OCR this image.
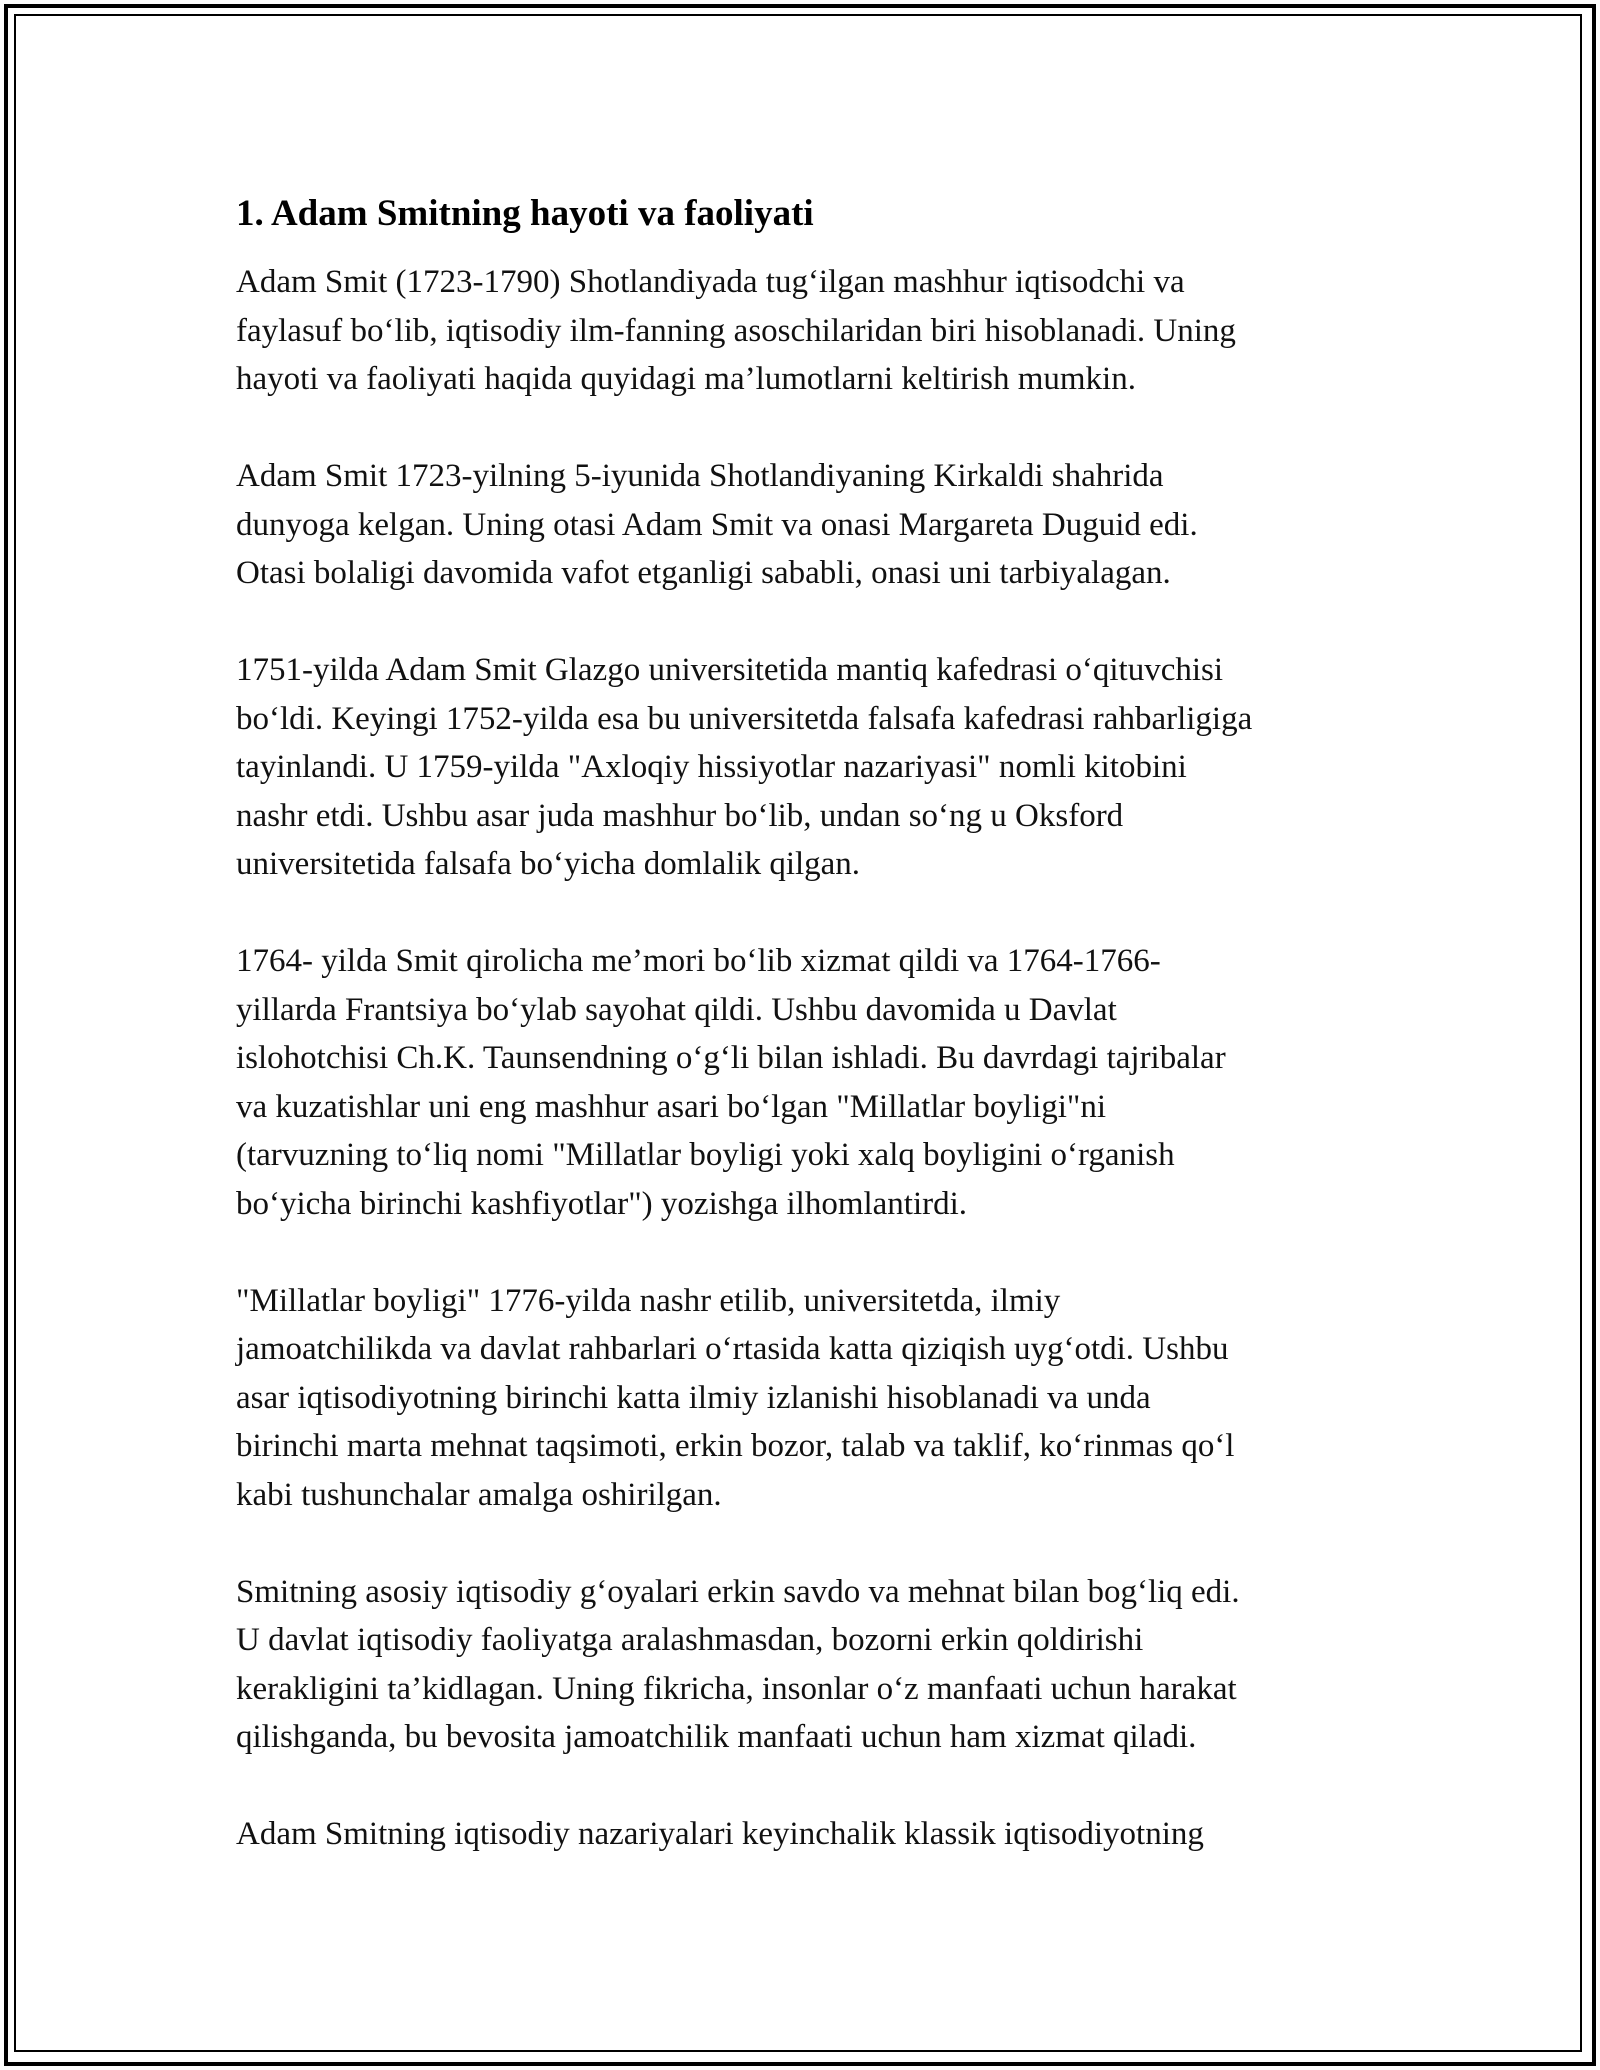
1. Adam Smitning hayoti va faoliyati

Adam Smit (1723-1790) Shotlandiyada tug‘ilgan mashhur iqtisodchi va
faylasuf bo‘lib, iqtisodiy ilm-fanning asoschilaridan biri hisoblanadi. Uning
hayoti va faoliyati haqida quyidagi ma’lumotlarni keltirish mumkin.

Adam Smit 1723-yilning 5-iyunida Shotlandiyaning Kirkaldi shahrida
dunyoga kelgan. Uning otasi Adam Smit va onasi Margareta Duguid edi.
Otasi bolaligi davomida vafot etganligi sababli, onasi uni tarbiyalagan.

1751-yilda Adam Smit Glazgo universitetida mantiq kafedrasi o‘qituvchisi
bo‘ldi. Keyingi 1752-yilda esa bu universitetda falsafa kafedrasi rahbarligiga
tayinlandi. U 1759-yilda "Axloqiy hissiyotlar nazariyasi" nomli kitobini
nashr etdi. Ushbu asar juda mashhur bo‘lib, undan so‘ng u Oksford
universitetida falsafa bo‘yicha domlalik qilgan.

1764- yilda Smit qirolicha me’mori bo‘lib xizmat qildi va 1764-1766-
yillarda Frantsiya bo‘ylab sayohat qildi. Ushbu davomida u Davlat
islohotchisi Ch.K. Taunsendning o‘g‘li bilan ishladi. Bu davrdagi tajribalar
va kuzatishlar uni eng mashhur asari bo‘lgan "Millatlar boyligi"ni
(tarvuzning to‘liq nomi "Millatlar boyligi yoki xalq boyligini o‘rganish
bo‘yicha birinchi kashfiyotlar") yozishga ilhomlantirdi.

"Millatlar boyligi" 1776-yilda nashr etilib, universitetda, ilmiy
jamoatchilikda va davlat rahbarlari o‘rtasida katta qiziqish uyg‘otdi. Ushbu
asar iqtisodiyotning birinchi katta ilmiy izlanishi hisoblanadi va unda
birinchi marta mehnat taqsimoti, erkin bozor, talab va taklif, ko‘rinmas qo‘l
kabi tushunchalar amalga oshirilgan.

Smitning asosiy iqtisodiy g‘oyalari erkin savdo va mehnat bilan bog‘liq edi.
U davlat iqtisodiy faoliyatga aralashmasdan, bozorni erkin qoldirishi
kerakligini ta’kidlagan. Uning fikricha, insonlar o‘z manfaati uchun harakat
qilishganda, bu bevosita jamoatchilik manfaati uchun ham xizmat qiladi.

Adam Smitning iqtisodiy nazariyalari keyinchalik klassik iqtisodiyotning
